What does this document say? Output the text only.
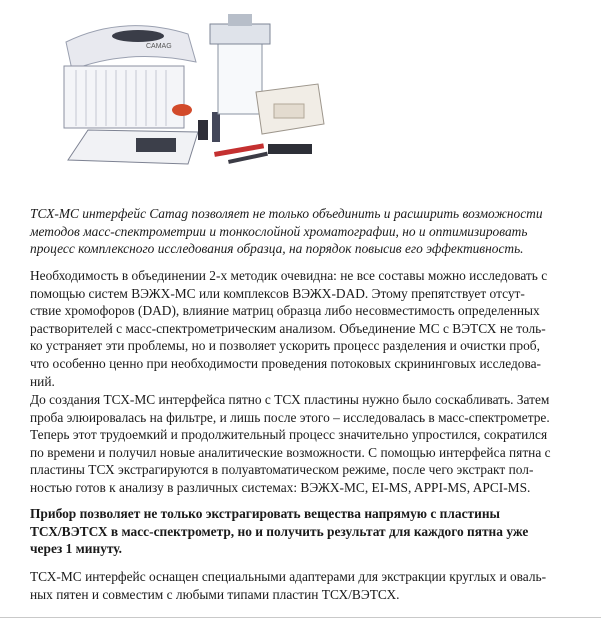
CAMAG

ТСХ-МС интерфейс Camag позволяет не только объединить и расширить возможности
методов масс-спектрометрии и тонкослойной хроматографии, но и оптимизировать
процесс комплексного исследования образца, на порядок повысив его эффективность.

Необходимость в объединении 2-х методик очевидна: не все составы можно исследовать с
помощью систем ВЭЖХ-МС или комплексов ВЭЖХ-DAD. Этому препятствует отсут-
ствие хромофоров (DAD), влияние матриц образца либо несовместимость определенных
растворителей с масс-спектрометрическим анализом. Объединение МС с ВЭТСХ не толь-
ко устраняет эти проблемы, но и позволяет ускорить процесс разделения и очистки проб,
что особенно ценно при необходимости проведения потоковых скрининговых исследова-
ний.

До создания ТСХ-МС интерфейса пятно с ТСХ пластины нужно было соскабливать. Затем
проба элюировалась на фильтре, и лишь после этого – исследовалась в масс-спектрометре.
Теперь этот трудоемкий и продолжительный процесс значительно упростился, сократился
по времени и получил новые аналитические возможности. С помощью интерфейса пятна с
пластины ТСХ экстрагируются в полуавтоматическом режиме, после чего экстракт пол-
ностью готов к анализу в различных системах: ВЭЖХ-МС, EI-MS, APPI-MS, APCI-MS.

Прибор позволяет не только экстрагировать вещества напрямую с пластины
ТСХ/ВЭТСХ в масс-спектрометр, но и получить результат для каждого пятна уже
через 1 минуту.

ТСХ-МС интерфейс оснащен специальными адаптерами для экстракции круглых и оваль-
ных пятен и совместим с любыми типами пластин ТСХ/ВЭТСХ.
